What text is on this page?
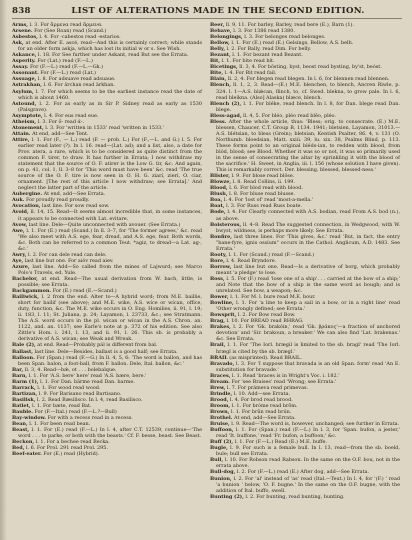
838	LIST OF ALTERATIONS MADE IN THE SECOND EDITION.

Arms, l. 3. For ἅρμενα read ἅρμενα.

Arsene. For (See Roan) read (Scand.)

Asbestos, l. 4. For -cabestos read -estarios.

Ask, at end. After E. ascé, read—And this is certainly correct; while stands for an older form askja, which has lost its initial w or s. See Wish.

Askance, l. 18. For See further under Askant, read But see the Errata.

Asperity. For (Lat.) read (F.—L.)

Assay. For (F.—L.) read (F.—L.—Gk.)

Assonant. For (F.—L.) read (Lat.)

Assuage, l. 8. For adsuave read adsuaue.

Astrakhan, l. 6. For ärchan read ärkhan.

Asylum, l. 7. For which seems to be the earliest instance read the date of which is about 1460.

Astound, l. 2. For as early as in Sir P. Sidney read as early as 1530 (Palsgrave).

Asymptote, l. 4. For eus read eue.

Atheism, l. 3. For ő- read ά-.

Atonement, l. 3. For 'written in 1533' read 'written in 1533.'

Attain. At end, add—See Tent.

Attire, l. 1. For (F., — L.) read (F. — prob. L.) For (F.,—L. and G.) l. 5. For earlier read later (?). In l. 16. read—(Lat. ad); and a list, also, a date for Prov. atera, a rare, which is to be considered as quite distinct from the common F. tirer, to draw. It has further in Errata; I now withdraw my statement that the source of O. F. atirer is the Low G. tir, &c. And again, on p. 41, col. 1, ll. 3–8 for 'This word must have been' &c. read 'The true source of the O. F. tire is now seen in O. H. G. ziarí, zierí, O. ciar, ornament. [The rest of this article I now withdraw; see Errata].' And neglect the latter part of the article.

Aubergine. At end, add—See Errata.

Auk. For proudly read proudly.

Avocation, last line. For sow read sow.

Avoid, ll. 14, 15. Read—It seems almost incredible that, in some instances, it appears to be connected with Lat. evitare.

Avow, last line. Dele—Quite unconnected with avouer. (See Errata.)

Awe, l. 1. For (E.) read (Scand.) In ll. 3–7, for 'The former agrees,' &c. read 'We also meet with A.S. ege, fear, dread, and A.S. ege, fear. Both words, &c. Both can be referred to a common Teut. *agiz, to dread—a Lat. ag-, &c.'

Awry, l. 2. For can dele read can dele.

Aye, last line but one. For aiöv read aiev.

Azure, last line. Add—So called from the mines of Lajwurd; see Marco Polo's Travels, ed. Yule.

Bachelor, at end. Read—The usual derivation from W. bach, little, is possible; see Errata.

Backgammon. For (E.) read (E.—Scand.)

Bailiwick, l. 2 from the end. Alter to—A hybrid word; from M.E. baillie, short for bailif (see above); and M.E. wike, A.S. wíce or wícan, office, duty, function, &c. The M.E. wike occurs in O. Eng. Homilies, ii. 91, l. 19; ii. 183, l. 11; St. Juliana, p. 24; Layamon, l. 23733, &c.; see Stratmann. The A.S. word occurs in the pl. wican or wícan in the A.S. Chron. an. 1122, and. an. 1137; see Earle's note at p. 372 of his edition. See also Zittle's Hom. i. 241, l. 13, and ii. 91, l. 26. This sb. is probably a derivative of A.S. wican; see Weak and Wreak.

Bale (2), at end. Read—Probably pál is different from bal.

Ballast, last line. Dele—Besides, ballast is a good half; see Errata.

Balloon. For (Span.) read (F.—G.) In ll. 4, 5, 6: 'The word is ballon, and has been Span. balon, a foot-ball, from F. ballon. Dele, Ital. ballon, &c.'

Bar, ll. 3, 4. Read—bǽ, ot . . . bolebalque.

Barn, l. 1. For 'A.S. bere' here' read 'A.S. bære, bere.'

Barm (1), l. 1. For Dan. bärme read Dan. barme.

Barrack, l. 1. For wood read wood.

Bartizan, l. 9. For Barisano read Bartisano.

Basilisk, l. 2. Read Bæsilisco. In l. 4, read Basilisco.

Batlet, l. 1. For bæte, read Bat.

Bauble. For (F.—Ital.) read (F.—L.?—Bull)

Bay-window. For with a recess read in a recess.

Bean, l. 1. For been read bean.

Beast, l. 1. For (E.) read (F.—L.) In l. 4, after C.T. 12539, continue—'The word . . . to parke, or both with the beasts.' Cf. F. besse, beast. See Beast.

Beckon, l. 1. For a bechee read Becka.

Bed, l. 6. For Prol. 291 read Prol. 295.

Beef-eater. For (E.) read (Hybrid).

Beer, ll. 9, 11. For barley, Barley, read bere (E.), Barn (1).

Behave, l. 3. For 1386 read 1380.

Belongings, l. 3. For belonges read belonges.

Bellow, l. 1. For (E.) read (E.) Gelsings, Bellow, A.S. belh.

Belly, l. 2. For Bally, read Dim. For belly.

Bezant, l. 1. For bezant read Bezant.

Bit, l. 1. For bite read bit.

Bicetings, ll. 3, 4. For bösting, byst, beost read bysting, by'st, beóst.

Bite, l. 4. For Bit read fail.

Blain, ll. 2, 4. For blegen read blegen. In l. 6, for blennen read blennen.

Blench, ll. 1, 2, 3. Read—(E.) M.E. blenchen, to blench, Ancren Riwle, p. 324. l. 1—A.S. blǽcan, flinch, to, cf. Swed. blekna, to grow pale. In l. 6, read bleikna. (Also] Alaska) blæce, blench.

Blench (2), l. 1. For bléke, read blench. In l. 8, for Dan. blege read Dan. blege.

Bless-agad, ll. 4, 5. For bléo, pléo read blêo, pléo.

Bless. After the whole article, thus: 'Bless; orig. to consecrate. (E.) M.E. blessen, Chaucer, C.T. Group B, 1134. 1941; bletsien, Layamon, 31013.—A.S. blétsian, to bless (Grein); bletsian, Kentish Psalter, 86. 4, v. 131 (O. Northumb. bloedsian, Matt. xxiii. 39, lu. xix. 38, Psalms Blind, p. 113. These forms point to an original bléds-ian, to redden with blood, from blód, blood; see Blood. Whether it was so or not, it was so primarily used in the sense of consecrating the altar by sprinkling it with the blood of the sacrifice.' H. Sweet, in Anglia, iii. l. 156 (whose solution I have given). This is remarkably correct. Der. blessing, blessed, blessed-ness.'

Blister, l. 9. For blose read blöse.

Blowze, l. 8. Read Collins, ii. 199.

Blood, l. 6. For blod read with blood.

Blush, l. 8. For bluse read blusse.

Boa, l. 4. For 'lost of' read 'most-a-mella.'

Boat, l. 3. For Russ read Russ boate.

Bode, l. 4. For Clearly connected with A.S. bodian, read From A.S. bod (n.), as above.

Boisterous, ll. 4–8. Read The suggested connection, in Wedgwood, with W. bwyst, wildness, is perhaps more likely. See Errata.

Bonfire, last three lines. For 'This gives, &c.' read 'But, in fact, the entry "bane-fyre, ignis ossium" occurs in the Cathol. Anglicum, A.D. 1483. See Errata.'

Booty, l. 1. For (Scand.) read (F.—Scand.)

Bore, l. 4. Read Bryndore.

Borrow, last line but one. Read—Is a derivative of borg, which probably meant 'a pledge' to lose.

Boss, l. 5. For (F.) read 'lose one of a ship'. . . carried at the bow of a ship;' and Note that the bow of a ship is the same word as bough; and is unrelated. See bow, a weapon; &c.

Bower, l. 1. For M. l. bure read M.E. bour.

Bowline, l. 1. For 'a line to keep a sail in a bow, or in a right line' read 'Other wrongly defined; see Errata.'

Bowsprit, l. 2. For Bow read Bow.

Brag, l. 10. For BREAD read BHRAG.

Brakes, l. 2. For 'Gk. brakóin,' read 'Gk. βράκος'—a fraction of anchored devotion' and 'Sir. brakoun, a breaker.' We can also find 'Lat. brakenas.' &c. See Errata.

Brail, l. 1. For 'The Iorl. hrægil is limited to the sb. bragl' read 'The Iorl. hrægl is cited by the sb. brægl.'

BRAIL (as misprinted). Read BRAIL.

Bravado, l. 3. For 'I suppose that bravada is an old Span. form' read 'An E. substitution for bravade.'

Braces, l. 1. Read 'braces is in Wright's Voc. i. 182.'

Bream. For 'see Braises' read 'Wrong; see Errata.'

Brew, l. 7. For prámeva read primevas.

Brindle, l. 10. Add—see Errata.

Brood, l. 4. For brod read brood.

Broom, l. 1. For bróme read brōm.

Brown, l. 1. For brūn read brún.

Brothel. At end, add—See Errata.

Bruise, l. 9. Read—The word is, however, unchanged; see further in Errata.

Buffoon, l. 1. For (Span.) read (F.—L.) In l. 3, for 'Span. bufon, a jester,' read 'It. buffone,' read 'Fr. bufon, a buffoon,' &c.

Buff (2), l. 1. For (F.—L.) Read (E.) M.E. buffe.

Bugle, l. 9. For such is a female bull. In l. 13, read—from the sb. boeld, bule; bull see Errata.

Bull, l. 10. For Robson read Rabson. In the same on the O.F. bou, not in the errata above.

Bull-dog, l. 2. For (F.—L.) read (E.) After dog, add—See Errata.

Bunion, l. 2. For 'al' instead of 'as' read (Ital.—Teut.) In l. 4, for '(F.) ' read 'a bunion ' below, 'O. F. bugne.' In the same on the O.F. bugne, with the addition of Ital. buffo, swell.

Bunting (2), l. 2. For bunting, read bunting, bunting.
